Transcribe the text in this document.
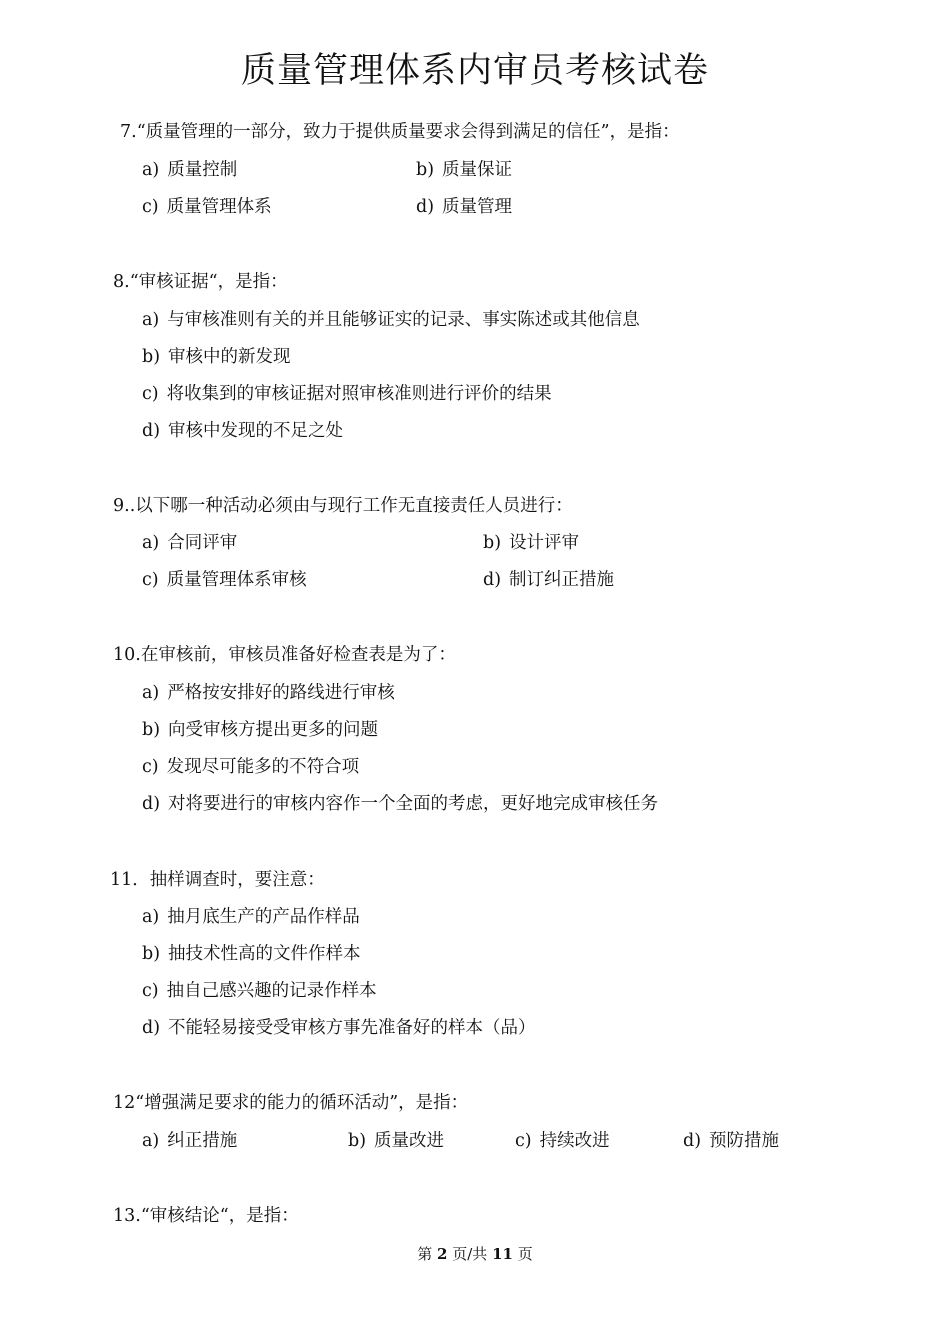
质量管理体系内审员考核试卷
7.“质量管理的一部分，致力于提供质量要求会得到满足的信任”，是指：
a) 质量控制	b) 质量保证
c) 质量管理体系	d) 质量管理
8.“审核证据“，是指：
a) 与审核准则有关的并且能够证实的记录、事实陈述或其他信息
b) 审核中的新发现
c) 将收集到的审核证据对照审核准则进行评价的结果
d) 审核中发现的不足之处
9..以下哪一种活动必须由与现行工作无直接责任人员进行：
a) 合同评审	b) 设计评审
c) 质量管理体系审核	d) 制订纠正措施
10.在审核前，审核员准备好检查表是为了：
a) 严格按安排好的路线进行审核
b) 向受审核方提出更多的问题
c) 发现尽可能多的不符合项
d) 对将要进行的审核内容作一个全面的考虑，更好地完成审核任务
11．抽样调查时，要注意：
a) 抽月底生产的产品作样品
b) 抽技术性高的文件作样本
c) 抽自己感兴趣的记录作样本
d) 不能轻易接受受审核方事先准备好的样本（品）
12“增强满足要求的能力的循环活动”，是指：
a) 纠正措施	b) 质量改进	c) 持续改进	d) 预防措施
13.“审核结论“，是指：
第 2 页/共 11 页
